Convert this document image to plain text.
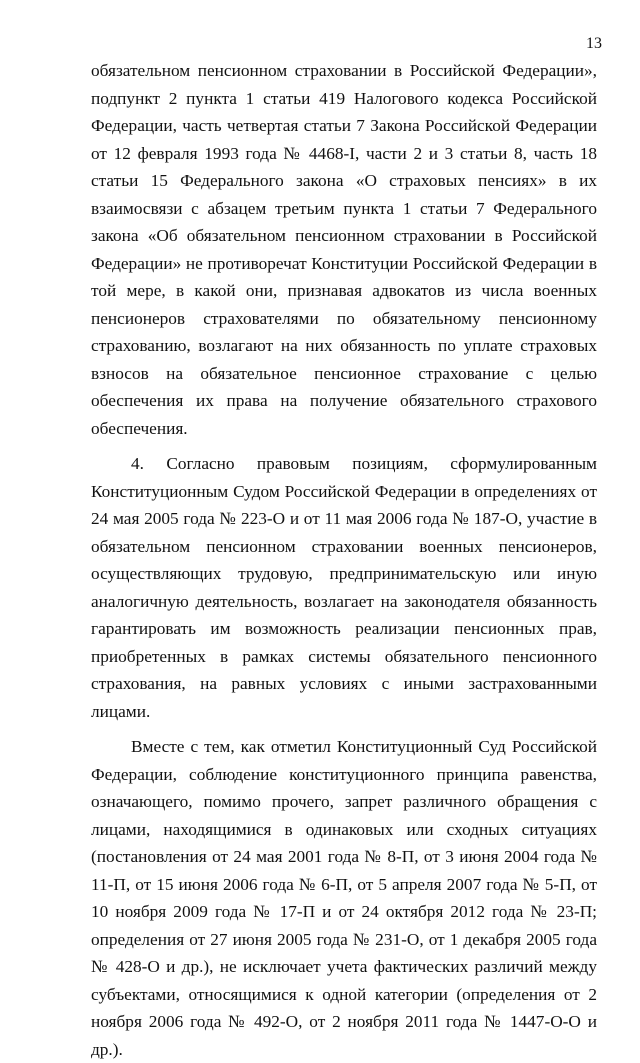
13

обязательном пенсионном страховании в Российской Федерации», подпункт 2 пункта 1 статьи 419 Налогового кодекса Российской Федерации, часть четвертая статьи 7 Закона Российской Федерации от 12 февраля 1993 года № 4468-I, части 2 и 3 статьи 8, часть 18 статьи 15 Федерального закона «О страховых пенсиях» в их взаимосвязи с абзацем третьим пункта 1 статьи 7 Федерального закона «Об обязательном пенсионном страховании в Российской Федерации» не противоречат Конституции Российской Федерации в той мере, в какой они, признавая адвокатов из числа военных пенсионеров страхователями по обязательному пенсионному страхованию, возлагают на них обязанность по уплате страховых взносов на обязательное пенсионное страхование с целью обеспечения их права на получение обязательного страхового обеспечения.

4. Согласно правовым позициям, сформулированным Конституционным Судом Российской Федерации в определениях от 24 мая 2005 года № 223-О и от 11 мая 2006 года № 187-О, участие в обязательном пенсионном страховании военных пенсионеров, осуществляющих трудовую, предпринимательскую или иную аналогичную деятельность, возлагает на законодателя обязанность гарантировать им возможность реализации пенсионных прав, приобретенных в рамках системы обязательного пенсионного страхования, на равных условиях с иными застрахованными лицами.

Вместе с тем, как отметил Конституционный Суд Российской Федерации, соблюдение конституционного принципа равенства, означающего, помимо прочего, запрет различного обращения с лицами, находящимися в одинаковых или сходных ситуациях (постановления от 24 мая 2001 года № 8-П, от 3 июня 2004 года № 11-П, от 15 июня 2006 года № 6-П, от 5 апреля 2007 года № 5-П, от 10 ноября 2009 года № 17-П и от 24 октября 2012 года № 23-П; определения от 27 июня 2005 года № 231-О, от 1 декабря 2005 года № 428-О и др.), не исключает учета фактических различий между субъектами, относящимися к одной категории (определения от 2 ноября 2006 года № 492-О, от 2 ноября 2011 года № 1447-О-О и др.).
